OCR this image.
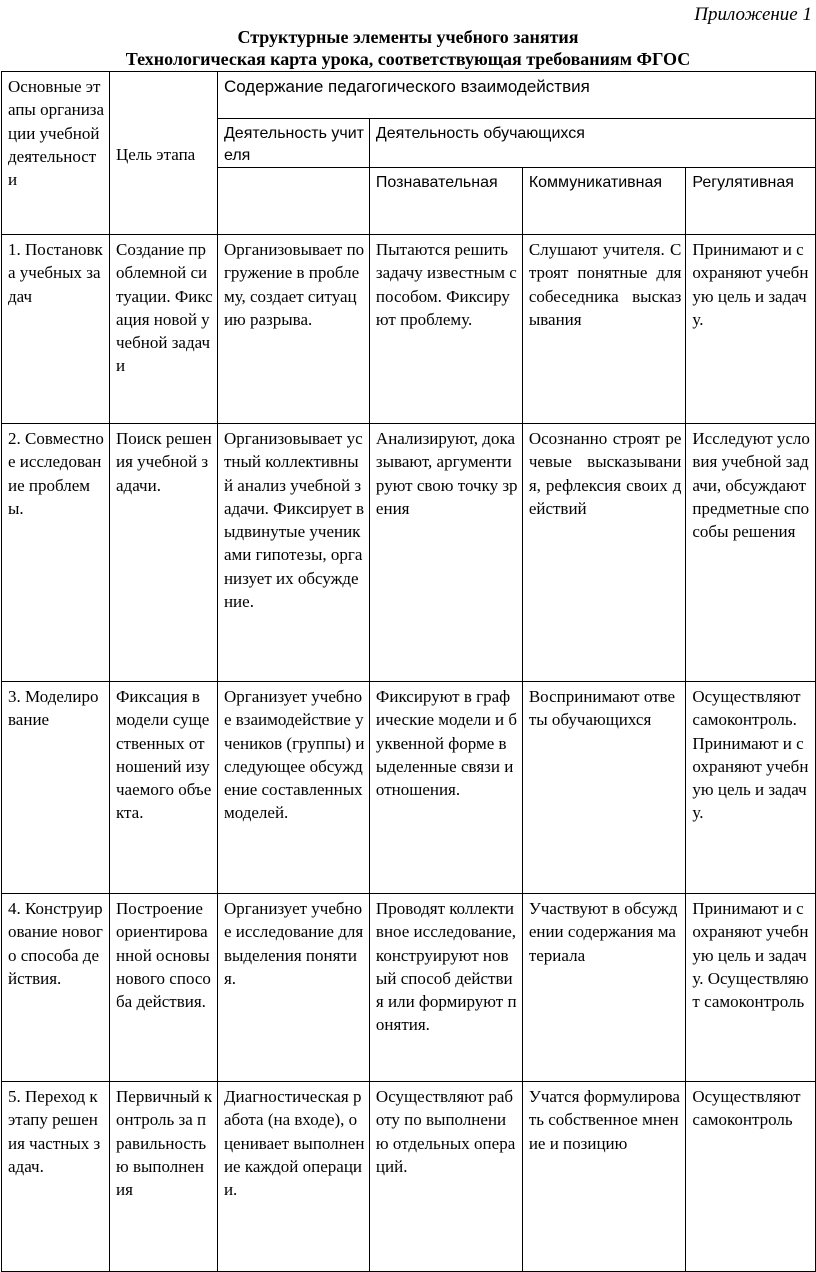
Приложение 1
Структурные элементы учебного занятия
Технологическая карта урока, соответствующая требованиям ФГОС
Основные этапы организации учебной деятельности	Цель этапа	Содержание педагогического взаимодействия			
		Деятельность учителя	Деятельность обучающихся		
			Познавательная	Коммуникативная	Регулятивная
1. Постановка учебных задач	Создание проблемной ситуации. Фиксация новой учебной задачи	Организовывает погружение в проблему, создает ситуацию разрыва.	Пытаются решить задачу известным способом. Фиксируют проблему.	Слушают учителя. Строят понятные для собеседника высказывания	Принимают и сохраняют учебную цель и задачу.
2. Совместное исследование проблемы.	Поиск решения учебной задачи.	Организовывает устный коллективный анализ учебной задачи. Фиксирует выдвинутые учениками гипотезы, организует их обсуждение.	Анализируют, доказывают, аргументируют свою точку зрения	Осознанно строят речевые высказывания, рефлексия своих действий	Исследуют условия учебной задачи, обсуждают предметные способы решения
3. Моделирование	Фиксация в модели существенных отношений изучаемого объекта.	Организует учебное взаимодействие учеников (группы) и следующее обсуждение составленных моделей.	Фиксируют в графические модели и буквенной форме выделенные связи и отношения.	Воспринимают ответы обучающихся	Осуществляют самоконтроль. Принимают и сохраняют учебную цель и задачу.
4. Конструирование нового способа действия.	Построение ориентированной основы нового способа действия.	Организует учебное исследование для выделения понятия.	Проводят коллективное исследование, конструируют новый способ действия или формируют понятия.	Участвуют в обсуждении содержания материала	Принимают и сохраняют учебную цель и задачу. Осуществляют самоконтроль
5. Переход к этапу решения частных задач.	Первичный контроль за правильностью выполнения	Диагностическая работа (на входе), оценивает выполнение каждой операции.	Осуществляют работу по выполнению отдельных операций.	Учатся формулировать собственное мнение и позицию	Осуществляют самоконтроль
